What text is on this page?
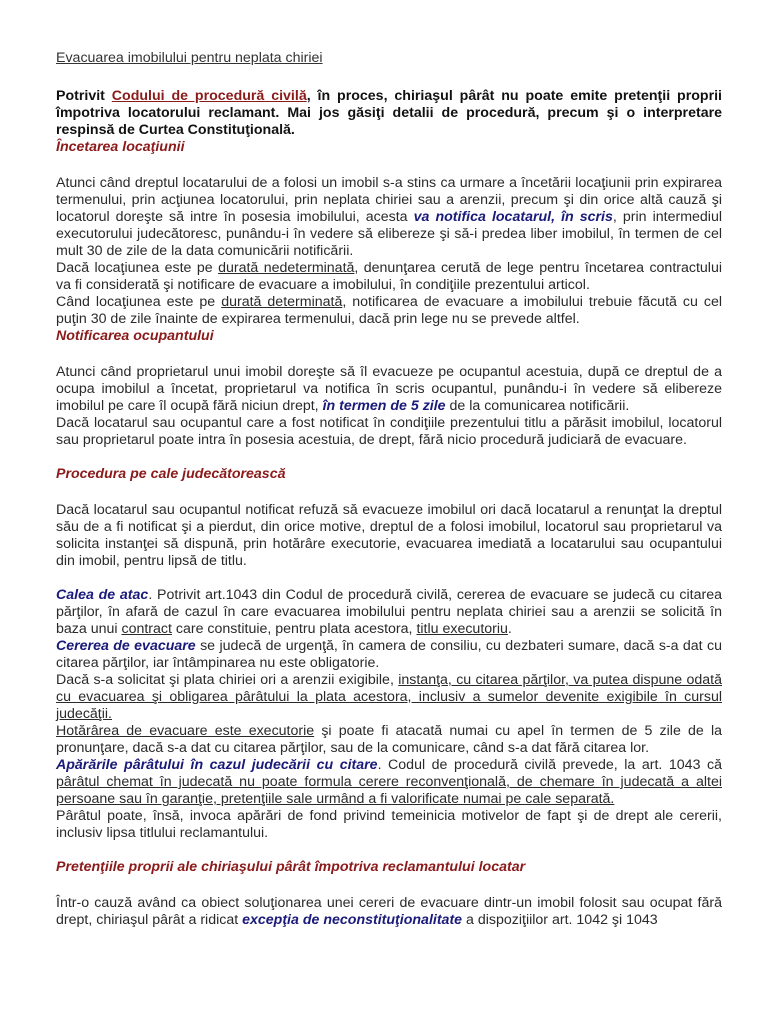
Evacuarea imobilului pentru neplata chiriei

Potrivit Codului de procedură civilă, în proces, chiriaşul pârât nu poate emite pretenţii proprii împotriva locatorului reclamant. Mai jos găsiţi detalii de procedură, precum şi o interpretare respinsă de Curtea Constituţională.

Încetarea locaţiunii

Atunci când dreptul locatarului de a folosi un imobil s-a stins ca urmare a încetării locaţiunii prin expirarea termenului, prin acţiunea locatorului, prin neplata chiriei sau a arenzii, precum şi din orice altă cauză şi locatorul doreşte să intre în posesia imobilului, acesta va notifica locatarul, în scris, prin intermediul executorului judecătoresc, punându-i în vedere să elibereze şi să-i predea liber imobilul, în termen de cel mult 30 de zile de la data comunicării notificării.

Dacă locaţiunea este pe durată nedeterminată, denunţarea cerută de lege pentru încetarea contractului va fi considerată şi notificare de evacuare a imobilului, în condiţiile prezentului articol.

Când locaţiunea este pe durată determinată, notificarea de evacuare a imobilului trebuie făcută cu cel puţin 30 de zile înainte de expirarea termenului, dacă prin lege nu se prevede altfel.

Notificarea ocupantului

Atunci când proprietarul unui imobil doreşte să îl evacueze pe ocupantul acestuia, după ce dreptul de a ocupa imobilul a încetat, proprietarul va notifica în scris ocupantul, punându-i în vedere să elibereze imobilul pe care îl ocupă fără niciun drept, în termen de 5 zile de la comunicarea notificării.

Dacă locatarul sau ocupantul care a fost notificat în condiţiile prezentului titlu a părăsit imobilul, locatorul sau proprietarul poate intra în posesia acestuia, de drept, fără nicio procedură judiciară de evacuare.

Procedura pe cale judecătorească

Dacă locatarul sau ocupantul notificat refuză să evacueze imobilul ori dacă locatarul a renunţat la dreptul său de a fi notificat şi a pierdut, din orice motive, dreptul de a folosi imobilul, locatorul sau proprietarul va solicita instanţei să dispună, prin hotărâre executorie, evacuarea imediată a locatarului sau ocupantului din imobil, pentru lipsă de titlu.

Calea de atac. Potrivit art.1043 din Codul de procedură civilă, cererea de evacuare se judecă cu citarea părţilor, în afară de cazul în care evacuarea imobilului pentru neplata chiriei sau a arenzii se solicită în baza unui contract care constituie, pentru plata acestora, titlu executoriu.

Cererea de evacuare se judecă de urgenţă, în camera de consiliu, cu dezbateri sumare, dacă s-a dat cu citarea părţilor, iar întâmpinarea nu este obligatorie.

Dacă s-a solicitat şi plata chiriei ori a arenzii exigibile, instanţa, cu citarea părţilor, va putea dispune odată cu evacuarea şi obligarea pârâtului la plata acestora, inclusiv a sumelor devenite exigibile în cursul judecăţii.

Hotărârea de evacuare este executorie şi poate fi atacată numai cu apel în termen de 5 zile de la pronunţare, dacă s-a dat cu citarea părţilor, sau de la comunicare, când s-a dat fără citarea lor.

Apărările pârâtului în cazul judecării cu citare. Codul de procedură civilă prevede, la art. 1043 că pârâtul chemat în judecată nu poate formula cerere reconvenţională, de chemare în judecată a altei persoane sau în garanţie, pretenţiile sale urmând a fi valorificate numai pe cale separată.

Pârâtul poate, însă, invoca apărări de fond privind temeinicia motivelor de fapt şi de drept ale cererii, inclusiv lipsa titlului reclamantului.

Pretenţiile proprii ale chiriaşului pârât împotriva reclamantului locatar

Într-o cauză având ca obiect soluţionarea unei cereri de evacuare dintr-un imobil folosit sau ocupat fără drept, chiriaşul pârât a ridicat excepţia de neconstituţionalitate a dispoziţiilor art. 1042 şi 1043
